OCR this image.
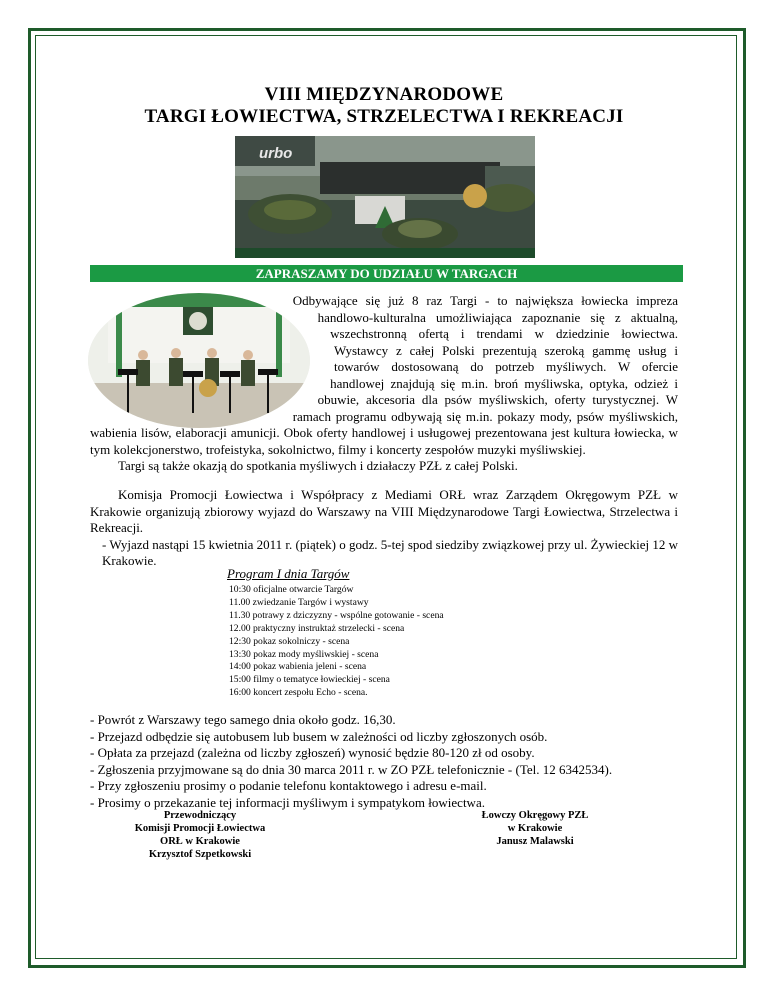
VIII MIĘDZYNARODOWE
TARGI ŁOWIECTWA, STRZELECTWA I REKREACJI
urbo
ZAPRASZAMY DO UDZIAŁU W TARGACH
Odbywające się już 8 raz Targi - to największa łowiecka impreza handlowo-kulturalna umożliwiająca zapoznanie się z aktualną, wszechstronną ofertą i trendami w dziedzinie łowiectwa. Wystawcy z całej Polski prezentują szeroką gammę usług i towarów dostosowaną do potrzeb myśliwych. W ofercie handlowej znajdują się m.in. broń myśliwska, optyka, odzież i obuwie, akcesoria dla psów myśliwskich, oferty turystycznej. W ramach programu odbywają się m.in. pokazy mody, psów myśliwskich, wabienia lisów, elaboracji amunicji. Obok oferty handlowej i usługowej prezentowana jest kultura łowiecka, w tym kolekcjonerstwo, trofeistyka, sokolnictwo, filmy i koncerty zespołów muzyki myśliwskiej.
Targi są także okazją do spotkania myśliwych i działaczy PZŁ z całej Polski.
Komisja Promocji Łowiectwa i Współpracy z Mediami ORŁ wraz Zarządem Okręgowym PZŁ w Krakowie organizują zbiorowy wyjazd do Warszawy na VIII Międzynarodowe Targi Łowiectwa, Strzelectwa i Rekreacji.
- Wyjazd nastąpi 15 kwietnia 2011 r. (piątek) o godz. 5-tej spod siedziby związkowej przy ul. Żywieckiej 12 w Krakowie.
Program I dnia Targów
10:30 oficjalne otwarcie Targów
11.00 zwiedzanie Targów i wystawy
11.30 potrawy z dziczyzny - wspólne gotowanie - scena
12.00 praktyczny instruktaż strzelecki - scena
12:30 pokaz sokolniczy - scena
13:30 pokaz mody myśliwskiej - scena
14:00 pokaz wabienia jeleni - scena
15:00 filmy o tematyce łowieckiej - scena
16:00 koncert zespołu Echo - scena.
- Powrót z Warszawy tego samego dnia około godz. 16,30.
- Przejazd odbędzie się autobusem lub busem w zależności od liczby zgłoszonych osób.
- Opłata za przejazd (zależna od liczby zgłoszeń) wynosić będzie 80-120 zł od osoby.
- Zgłoszenia przyjmowane są do dnia 30 marca 2011 r. w ZO PZŁ telefonicznie - (Tel. 12 6342534).
- Przy zgłoszeniu prosimy o podanie telefonu kontaktowego i adresu e-mail.
- Prosimy o przekazanie tej informacji myśliwym i sympatykom łowiectwa.
Przewodniczący
Komisji Promocji Łowiectwa
ORŁ w Krakowie
Krzysztof Szpetkowski
Łowczy Okręgowy PZŁ
w Krakowie
Janusz Malawski
